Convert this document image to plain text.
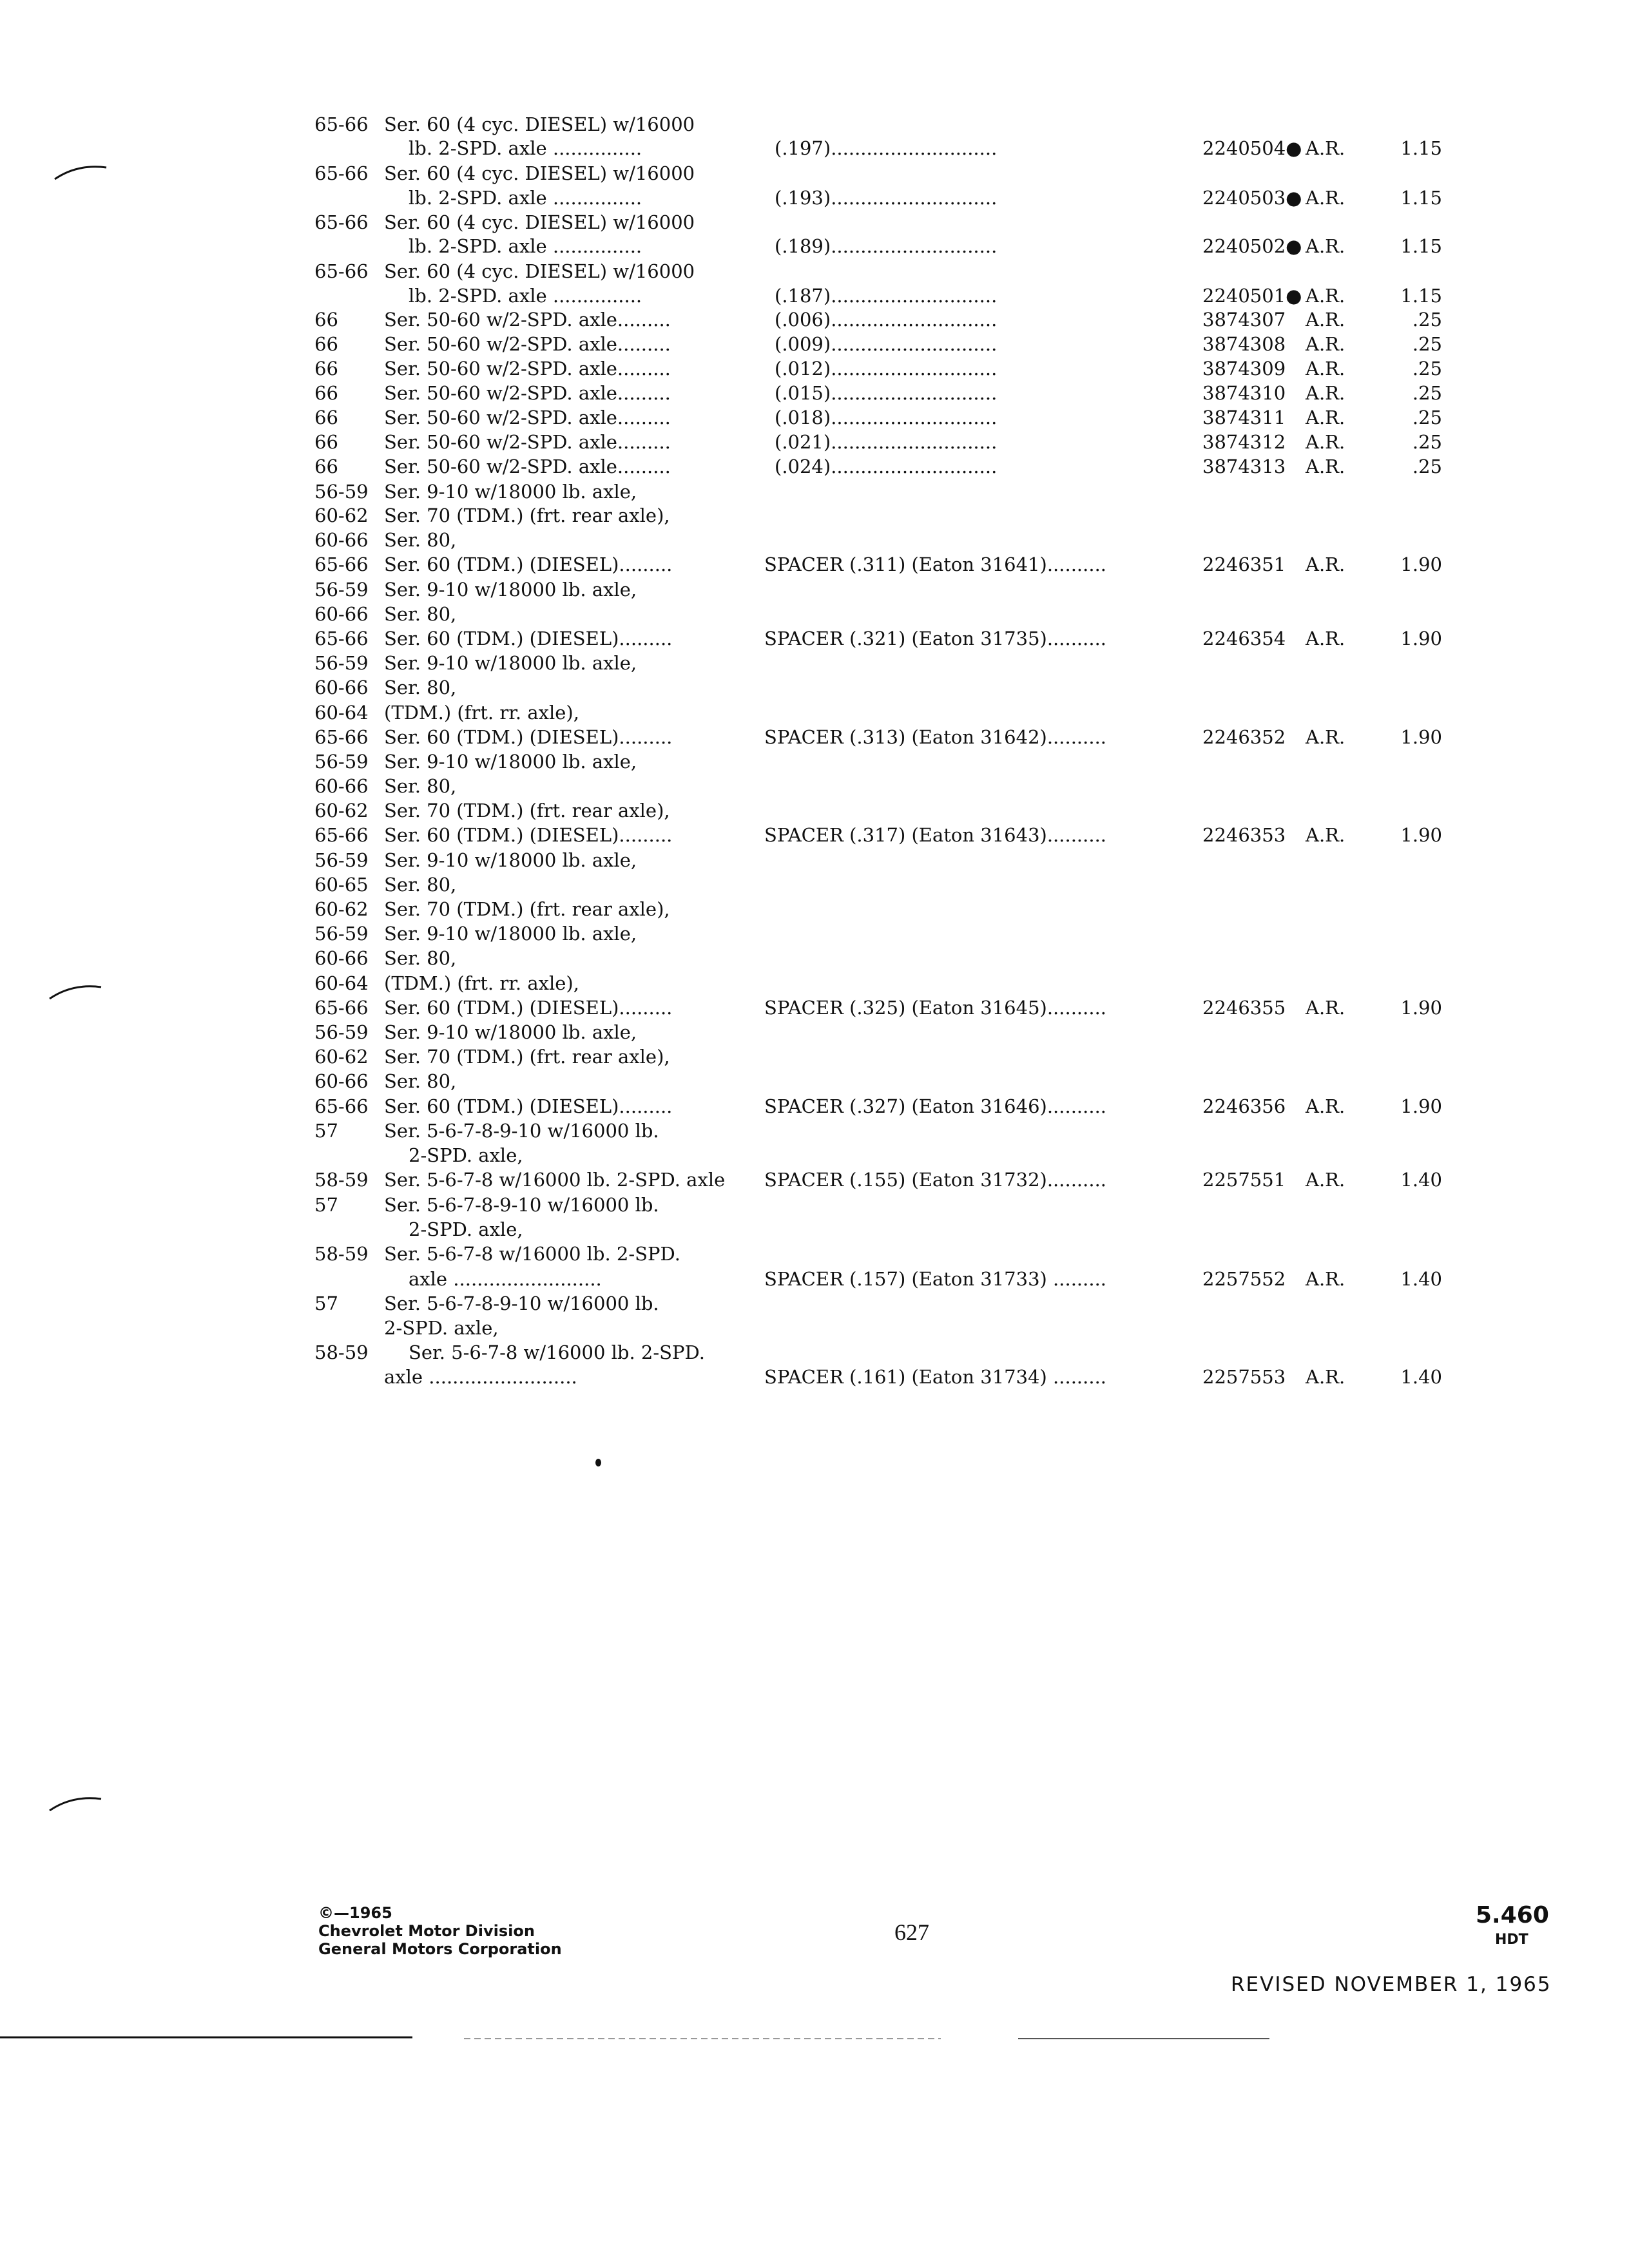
65-66 Ser. 60 (4 cyc. DIESEL) w/16000
lb. 2-SPD. axle ...............	(.197)............................	2240504● A.R.	1.15
65-66 Ser. 60 (4 cyc. DIESEL) w/16000
lb. 2-SPD. axle ...............	(.193)............................	2240503● A.R.	1.15
65-66 Ser. 60 (4 cyc. DIESEL) w/16000
lb. 2-SPD. axle ...............	(.189)............................	2240502● A.R.	1.15
65-66 Ser. 60 (4 cyc. DIESEL) w/16000
lb. 2-SPD. axle ...............	(.187)............................	2240501● A.R.	1.15
66 Ser. 50-60 w/2-SPD. axle.........	(.006)............................	3874307 A.R.	.25
66 Ser. 50-60 w/2-SPD. axle.........	(.009)............................	3874308 A.R.	.25
66 Ser. 50-60 w/2-SPD. axle.........	(.012)............................	3874309 A.R.	.25
66 Ser. 50-60 w/2-SPD. axle.........	(.015)............................	3874310 A.R.	.25
66 Ser. 50-60 w/2-SPD. axle.........	(.018)............................	3874311 A.R.	.25
66 Ser. 50-60 w/2-SPD. axle.........	(.021)............................	3874312 A.R.	.25
66 Ser. 50-60 w/2-SPD. axle.........	(.024)............................	3874313 A.R.	.25
56-59 Ser. 9-10 w/18000 lb. axle,
60-62 Ser. 70 (TDM.) (frt. rear axle),
60-66 Ser. 80,
65-66 Ser. 60 (TDM.) (DIESEL).........	SPACER (.311) (Eaton 31641)..........	2246351 A.R.	1.90
56-59 Ser. 9-10 w/18000 lb. axle,
60-66 Ser. 80,
65-66 Ser. 60 (TDM.) (DIESEL).........	SPACER (.321) (Eaton 31735)..........	2246354 A.R.	1.90
56-59 Ser. 9-10 w/18000 lb. axle,
60-66 Ser. 80,
60-64 (TDM.) (frt. rr. axle),
65-66 Ser. 60 (TDM.) (DIESEL).........	SPACER (.313) (Eaton 31642)..........	2246352 A.R.	1.90
56-59 Ser. 9-10 w/18000 lb. axle,
60-66 Ser. 80,
60-62 Ser. 70 (TDM.) (frt. rear axle),
65-66 Ser. 60 (TDM.) (DIESEL).........	SPACER (.317) (Eaton 31643)..........	2246353 A.R.	1.90
56-59 Ser. 9-10 w/18000 lb. axle,
60-65 Ser. 80,
60-62 Ser. 70 (TDM.) (frt. rear axle),
56-59 Ser. 9-10 w/18000 lb. axle,
60-66 Ser. 80,
60-64 (TDM.) (frt. rr. axle),
65-66 Ser. 60 (TDM.) (DIESEL).........	SPACER (.325) (Eaton 31645)..........	2246355 A.R.	1.90
56-59 Ser. 9-10 w/18000 lb. axle,
60-62 Ser. 70 (TDM.) (frt. rear axle),
60-66 Ser. 80,
65-66 Ser. 60 (TDM.) (DIESEL).........	SPACER (.327) (Eaton 31646)..........	2246356 A.R.	1.90
57 Ser. 5-6-7-8-9-10 w/16000 lb.
2-SPD. axle,
58-59 Ser. 5-6-7-8 w/16000 lb. 2-SPD. axle SPACER (.155) (Eaton 31732)..........	2257551 A.R.	1.40
57 Ser. 5-6-7-8-9-10 w/16000 lb.
2-SPD. axle,
58-59 Ser. 5-6-7-8 w/16000 lb. 2-SPD.
axle .........................	SPACER (.157) (Eaton 31733) .........	2257552 A.R.	1.40
57 Ser. 5-6-7-8-9-10 w/16000 lb.
2-SPD. axle,
58-59 Ser. 5-6-7-8 w/16000 lb. 2-SPD.
axle .........................	SPACER (.161) (Eaton 31734) .........	2257553 A.R.	1.40
©—1965
Chevrolet Motor Division
General Motors Corporation
627
5.460
HDT
REVISED NOVEMBER 1, 1965
